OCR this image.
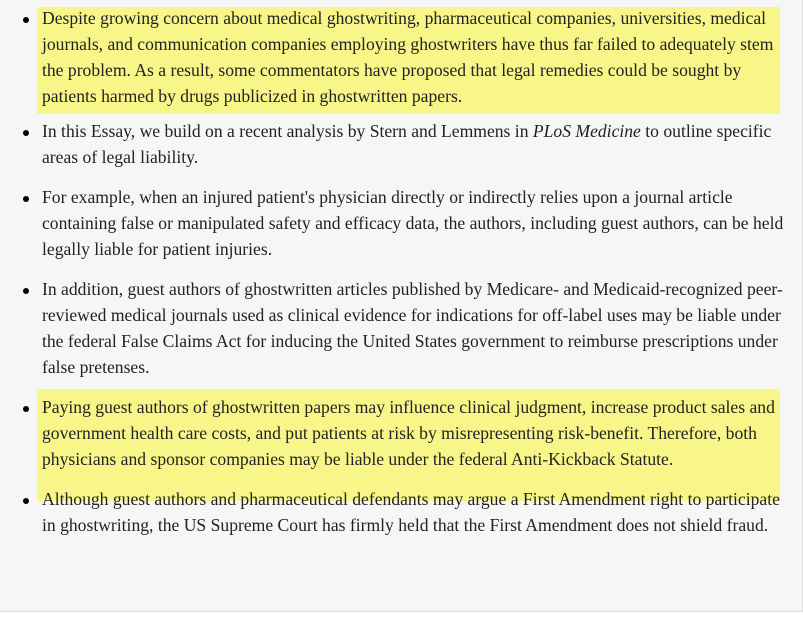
Despite growing concern about medical ghostwriting, pharmaceutical companies, universities, medical journals, and communication companies employing ghostwriters have thus far failed to adequately stem the problem. As a result, some commentators have proposed that legal remedies could be sought by patients harmed by drugs publicized in ghostwritten papers.
In this Essay, we build on a recent analysis by Stern and Lemmens in PLoS Medicine to outline specific areas of legal liability.
For example, when an injured patient's physician directly or indirectly relies upon a journal article containing false or manipulated safety and efficacy data, the authors, including guest authors, can be held legally liable for patient injuries.
In addition, guest authors of ghostwritten articles published by Medicare- and Medicaid-recognized peer-reviewed medical journals used as clinical evidence for indications for off-label uses may be liable under the federal False Claims Act for inducing the United States government to reimburse prescriptions under false pretenses.
Paying guest authors of ghostwritten papers may influence clinical judgment, increase product sales and government health care costs, and put patients at risk by misrepresenting risk-benefit. Therefore, both physicians and sponsor companies may be liable under the federal Anti-Kickback Statute.
Although guest authors and pharmaceutical defendants may argue a First Amendment right to participate in ghostwriting, the US Supreme Court has firmly held that the First Amendment does not shield fraud.
